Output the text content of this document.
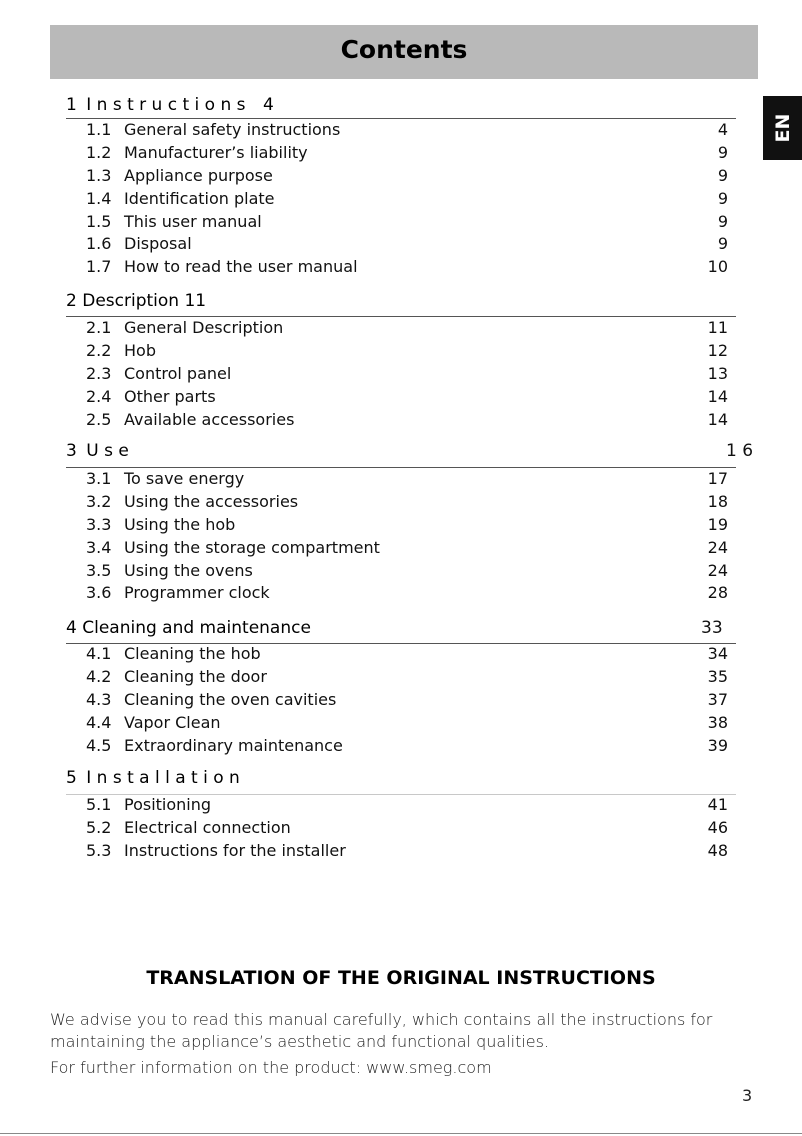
Contents
EN
1 I n s t r u c t i o n s 4
1.1 General safety instructions	4
1.2 Manufacturer’s liability	9
1.3 Appliance purpose	9
1.4 Identification plate	9
1.5 This user manual	9
1.6 Disposal	9
1.7 How to read the user manual	10
2 Description 11
2.1 General Description	11
2.2 Hob	12
2.3 Control panel	13
2.4 Other parts	14
2.5 Available accessories	14
3 U s e	1 6
3.1 To save energy	17
3.2 Using the accessories	18
3.3 Using the hob	19
3.4 Using the storage compartment	24
3.5 Using the ovens	24
3.6 Programmer clock	28
4 Cleaning and maintenance	33
4.1 Cleaning the hob	34
4.2 Cleaning the door	35
4.3 Cleaning the oven cavities	37
4.4 Vapor Clean	38
4.5 Extraordinary maintenance	39
5 I n s t a l l a t i o n
5.1 Positioning	41
5.2 Electrical connection	46
5.3 Instructions for the installer	48
TRANSLATION OF THE ORIGINAL INSTRUCTIONS
We advise you to read this manual carefully, which contains all the instructions for
maintaining the appliance’s aesthetic and functional qualities.
For further information on the product: www.smeg.com
3
